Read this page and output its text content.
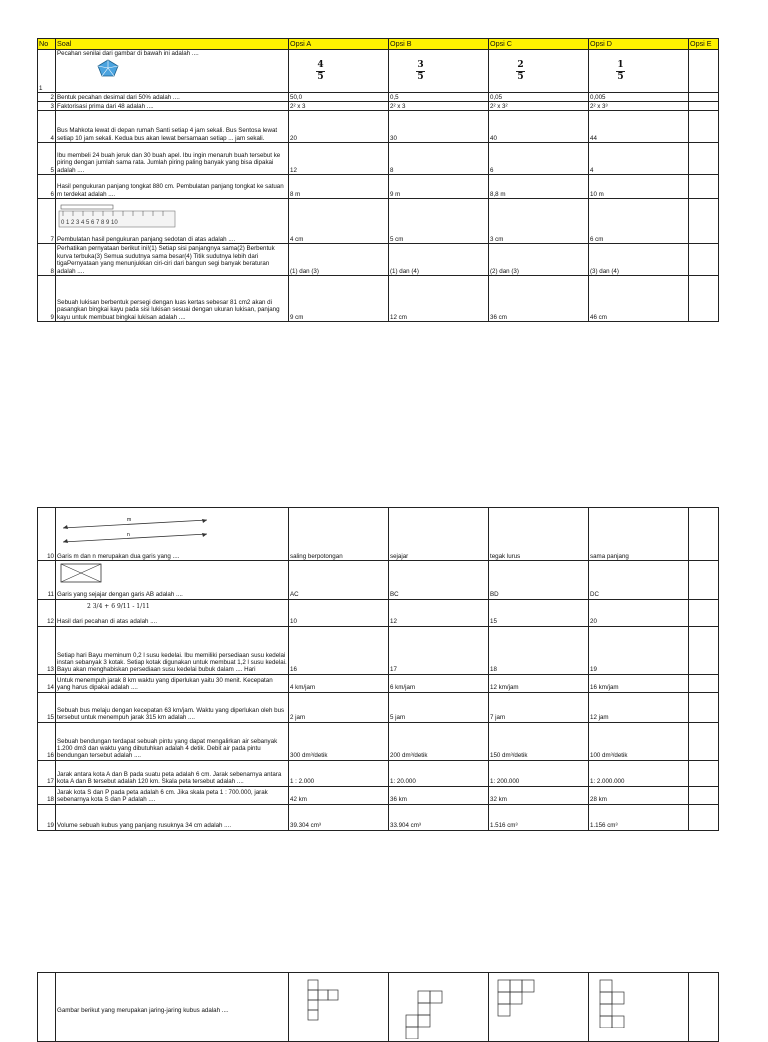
No	Soal	Opsi A	Opsi B	Opsi C	Opsi D	Opsi E
1	Pecahan senilai dari gambar di bawah ini adalah ....	$\frac{4}{5}$	$\frac{3}{5}$	$\frac{2}{5}$	$\frac{1}{5}$

2	Bentuk pecahan desimal dari 50% adalah ....	50,0	0,5	0,05	0,005	
3	Faktorisasi prima dari 48 adalah ....	2² x 3	2² x 3	2² x 3²	2² x 3³	
4	Bus Mahkota lewat di depan rumah Santi setiap 4 jam sekali. Bus Sentosa lewat setiap 10 jam sekali. Kedua bus akan lewat bersamaan setiap ... jam sekali.	20	30	40	44	
5	Ibu membeli 24 buah jeruk dan 30 buah apel. Ibu ingin menaruh buah tersebut ke piring dengan jumlah sama rata. Jumlah piring paling banyak yang bisa dipakai adalah ....	12	8	6	4	
6	Hasil pengukuran panjang tongkat 880 cm. Pembulatan panjang tongkat ke satuan m terdekat adalah ....	8 m	9 m	8,8 m	10 m	
7	0 1 2 3 4 5 6 7 8 9 10
Pembulatan hasil pengukuran panjang sedotan di atas adalah ....	4 cm	5 cm	3 cm	6 cm	
8	Perhatikan pernyataan berikut ini!(1) Setiap sisi panjangnya sama(2) Berbentuk kurva terbuka(3) Semua sudutnya sama besar(4) Titik sudutnya lebih dari tigaPernyataan yang menunjukkan ciri-ciri dari bangun segi banyak beraturan adalah ....	(1) dan (3)	(1) dan (4)	(2) dan (3)	(3) dan (4)	
9	Sebuah lukisan berbentuk persegi dengan luas kertas sebesar 81 cm2 akan di pasangkan bingkai kayu pada sisi lukisan sesuai dengan ukuran lukisan, panjang kayu untuk membuat bingkai lukisan adalah ....	9 cm	12 cm	36 cm	46 cm	
10	m
n
Garis m dan n merupakan dua garis yang ....	saling berpotongan	sejajar	tegak lurus	sama panjang	
11	Garis yang sejajar dengan garis AB adalah ....	AC	BC	BD	DC	
12	2 3/4 + 6 9/11 - 1/11
Hasil dari pecahan di atas adalah ....	10	12	15	20	
13	Setiap hari Bayu meminum 0,2 l susu kedelai. Ibu memiliki persediaan susu kedelai instan sebanyak 3 kotak. Setiap kotak digunakan untuk membuat 1,2 l susu kedelai. Bayu akan menghabiskan persediaan susu kedelai bubuk dalam .... Hari	16	17	18	19	
14	Untuk menempuh jarak 8 km waktu yang diperlukan yaitu 30 menit. Kecepatan yang harus dipakai adalah ....	4 km/jam	6 km/jam	12 km/jam	16 km/jam	
15	Sebuah bus melaju dengan kecepatan 63 km/jam. Waktu yang diperlukan oleh bus tersebut untuk menempuh jarak 315 km adalah ....	2 jam	5 jam	7 jam	12 jam	
16	Sebuah bendungan terdapat sebuah pintu yang dapat mengalirkan air sebanyak 1.200 dm3 dan waktu yang dibutuhkan adalah 4 detik. Debit air pada pintu bendungan tersebut adalah ....	300 dm³/detik	200 dm³/detik	150 dm³/detik	100 dm³/detik	
17	Jarak antara kota A dan B pada suatu peta adalah 6 cm. Jarak sebenarnya antara kota A dan B tersebut adalah 120 km. Skala peta tersebut adalah ....	1 : 2.000	1: 20.000	1: 200.000	1: 2.000.000	
18	Jarak kota S dan P pada peta adalah 6 cm. Jika skala peta 1 : 700.000, jarak sebenarnya kota S dan P adalah ....	42 km	36 km	32 km	28 km	
19	Volume sebuah kubus yang panjang rusuknya 34 cm adalah ....	39.304 cm³	33.904 cm³	1.516 cm³	1.156 cm³	
	Gambar berikut yang merupakan jaring-jaring kubus adalah ....					
